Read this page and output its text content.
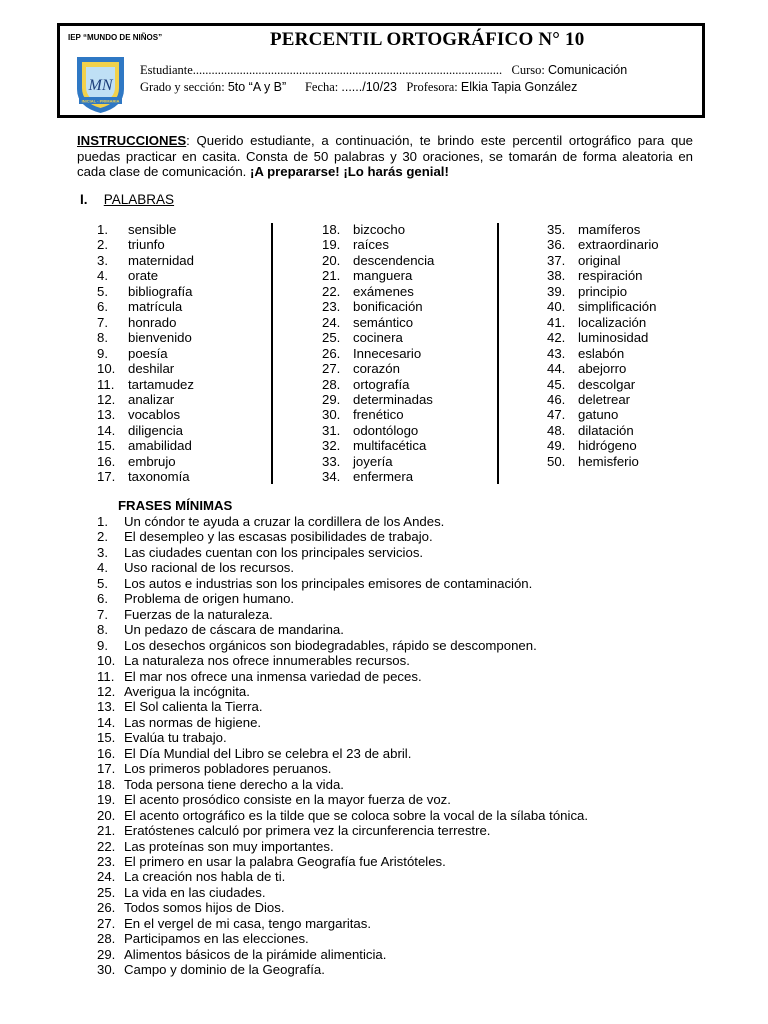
IEP “MUNDO DE NIÑOS”	PERCENTIL ORTOGRÁFICO N° 10
MN
INICIAL - PRIMARIA
Estudiante................................................................................................... Curso: Comunicación
Grado y sección: 5to “A y B” Fecha: ....../10/23 Profesora: Elkia Tapia González
INSTRUCCIONES: Querido estudiante, a continuación, te brindo este percentil ortográfico para que puedas practicar en casita. Consta de 50 palabras y 30 oraciones, se tomarán de forma aleatoria en cada clase de comunicación. ¡A prepararse! ¡Lo harás genial!
I. PALABRAS
1. sensible
2. triunfo
3. maternidad
4. orate
5. bibliografía
6. matrícula
7. honrado
8. bienvenido
9. poesía
10. deshilar
11. tartamudez
12. analizar
13. vocablos
14. diligencia
15. amabilidad
16. embrujo
17. taxonomía
18. bizcocho
19. raíces
20. descendencia
21. manguera
22. exámenes
23. bonificación
24. semántico
25. cocinera
26. Innecesario
27. corazón
28. ortografía
29. determinadas
30. frenético
31. odontólogo
32. multifacética
33. joyería
34. enfermera
35. mamíferos
36. extraordinario
37. original
38. respiración
39. principio
40. simplificación
41. localización
42. luminosidad
43. eslabón
44. abejorro
45. descolgar
46. deletrear
47. gatuno
48. dilatación
49. hidrógeno
50. hemisferio
FRASES MÍNIMAS
1. Un cóndor te ayuda a cruzar la cordillera de los Andes.
2. El desempleo y las escasas posibilidades de trabajo.
3. Las ciudades cuentan con los principales servicios.
4. Uso racional de los recursos.
5. Los autos e industrias son los principales emisores de contaminación.
6. Problema de origen humano.
7. Fuerzas de la naturaleza.
8. Un pedazo de cáscara de mandarina.
9. Los desechos orgánicos son biodegradables, rápido se descomponen.
10. La naturaleza nos ofrece innumerables recursos.
11. El mar nos ofrece una inmensa variedad de peces.
12. Averigua la incógnita.
13. El Sol calienta la Tierra.
14. Las normas de higiene.
15. Evalúa tu trabajo.
16. El Día Mundial del Libro se celebra el 23 de abril.
17. Los primeros pobladores peruanos.
18. Toda persona tiene derecho a la vida.
19. El acento prosódico consiste en la mayor fuerza de voz.
20. El acento ortográfico es la tilde que se coloca sobre la vocal de la sílaba tónica.
21. Eratóstenes calculó por primera vez la circunferencia terrestre.
22. Las proteínas son muy importantes.
23. El primero en usar la palabra Geografía fue Aristóteles.
24. La creación nos habla de ti.
25. La vida en las ciudades.
26. Todos somos hijos de Dios.
27. En el vergel de mi casa, tengo margaritas.
28. Participamos en las elecciones.
29. Alimentos básicos de la pirámide alimenticia.
30. Campo y dominio de la Geografía.
